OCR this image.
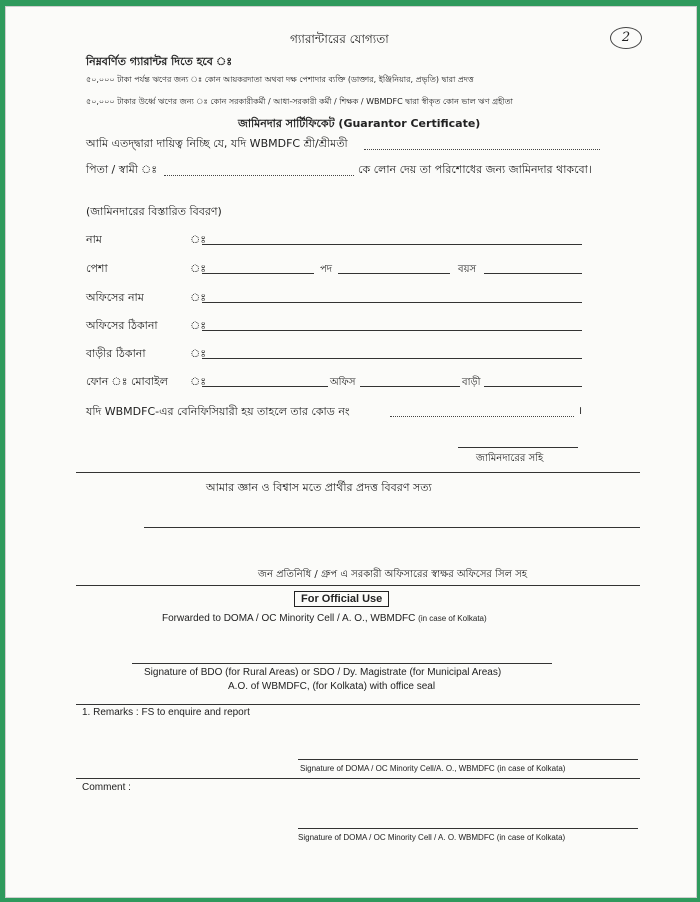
গ্যারান্টারের যোগ্যতা	2
নিম্নবর্ণিত গ্যারান্টর দিতে হবে ঃ
৫০,০০০ টাকা পর্যন্ত ঋণের জন্য ঃ কোন আয়করদাতা অথবা দক্ষ পেশাদার ব্যক্তি (ডাক্তার, ইঞ্জিনিয়ার, প্রভৃতি) দ্বারা প্রদত্ত
৫০,০০০ টাকার উর্ধ্বে ঋণের জন্য ঃ কোন সরকারীকর্মী / আধা-সরকারী কর্মী / শিক্ষক / WBMDFC দ্বারা স্বীকৃত কোন ভাল ঋণ গ্রহীতা
জামিনদার সার্টিফিকেট (Guarantor Certificate)
আমি এতদ্দ্বারা দায়িত্ব নিচ্ছি যে, যদি WBMDFC শ্রী/শ্রীমতী
পিতা / স্বামী ঃ	কে লোন দেয় তা পরিশোধের জন্য জামিনদার থাকবো।
(জামিনদারের বিস্তারিত বিবরণ)
নাম	ঃ
পেশা	ঃ	পদ	বয়স
অফিসের নাম	ঃ
অফিসের ঠিকানা	ঃ
বাড়ীর ঠিকানা	ঃ
ফোন ঃ মোবাইল ঃ	অফিস	বাড়ী
যদি WBMDFC-এর বেনিফিসিয়ারী হয় তাহলে তার কোড নং	।
জামিনদারের সহি
আমার জ্ঞান ও বিশ্বাস মতে প্রার্থীর প্রদত্ত বিবরণ সত্য
জন প্রতিনিধি / গ্রুপ এ সরকারী অফিসারের স্বাক্ষর অফিসের সিল সহ
For Official Use
Forwarded to DOMA / OC Minority Cell / A. O., WBMDFC (in case of Kolkata)
Signature of BDO (for Rural Areas) or SDO / Dy. Magistrate (for Municipal Areas)
A.O. of WBMDFC, (for Kolkata) with office seal
1. Remarks : FS to enquire and report
Signature of DOMA / OC Minority Cell/A. O., WBMDFC (in case of Kolkata)
Comment :
Signature of DOMA / OC Minority Cell / A. O. WBMDFC (in case of Kolkata)
